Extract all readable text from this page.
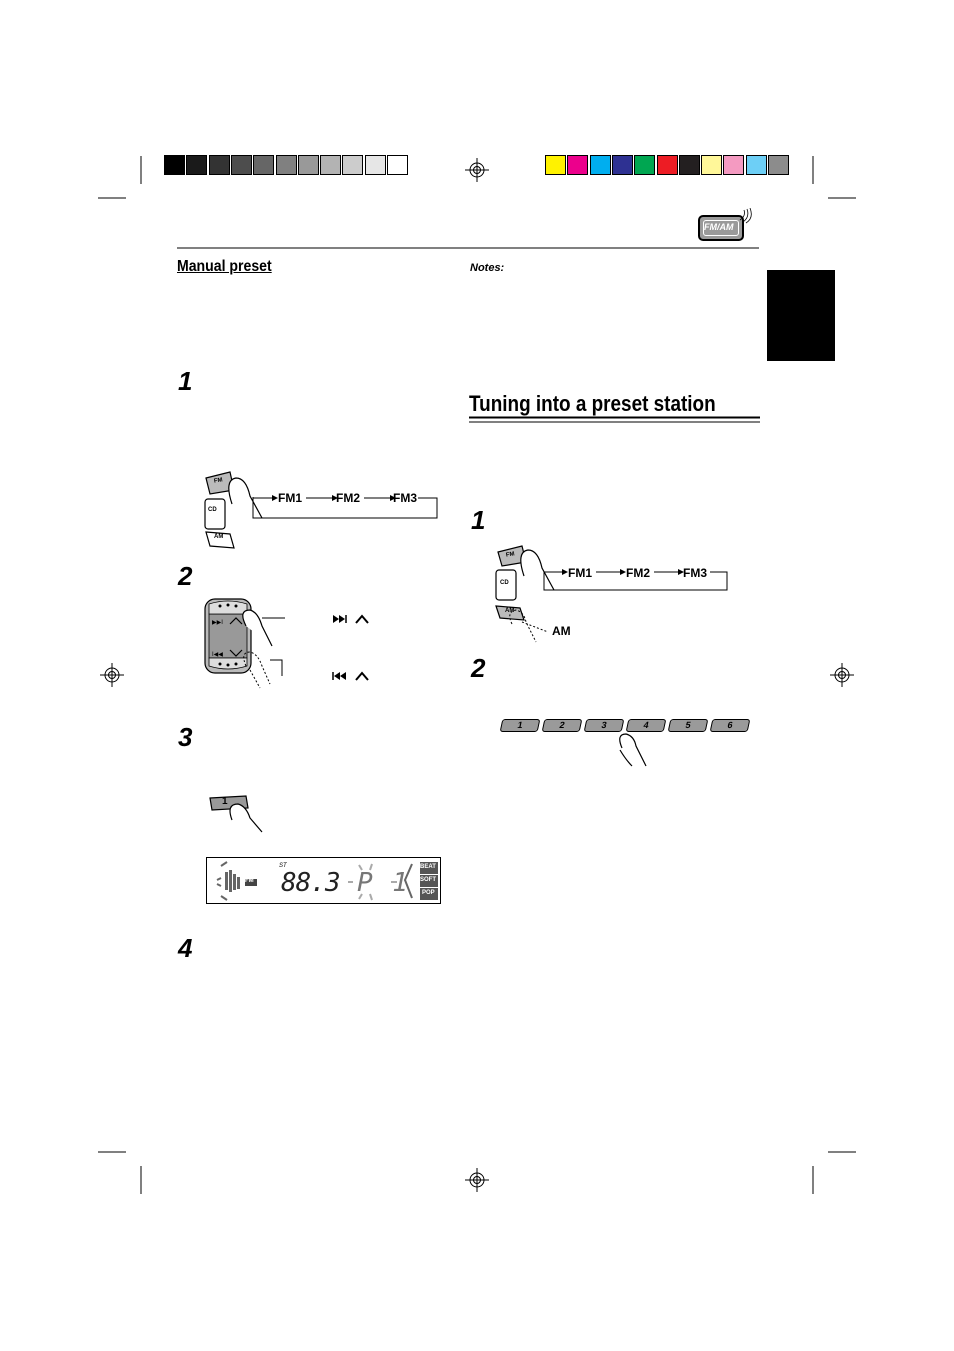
FM/AM
Manual preset
1
2
3
4
FM
CD
AM
FM1	FM2	FM3
▶▶I
I◀◀
1
ST
FM 88.3 P 1
BEAT
SOFT
POP
Notes:
Tuning into a preset station
1
2
FM
CD
AM
FM1	FM2	FM3
AM
1	2	3	4	5	6
